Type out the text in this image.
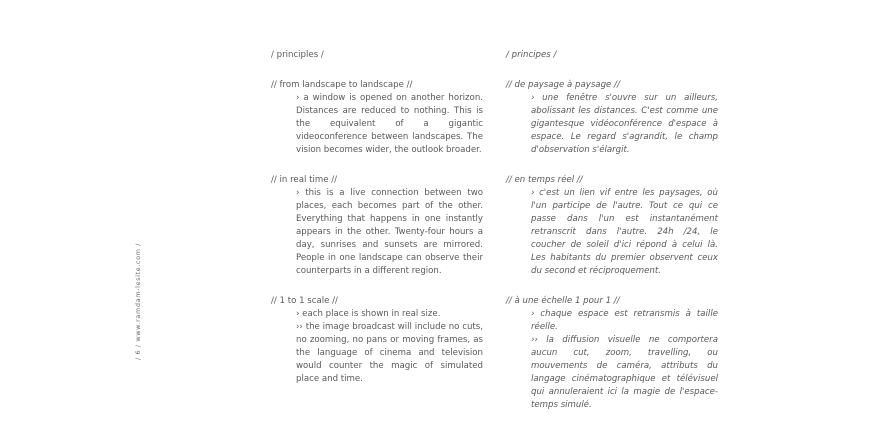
/ 6 / www.ramdam-lesite.com /
/ principles /
// from landscape to landscape //

› a window is opened on another horizon. Distances are reduced to nothing. This is the equivalent of a gigantic videoconference between landscapes. The vision becomes wider, the outlook broader.

// in real time //

› this is a live connection between two places, each becomes part of the other. Everything that happens in one instantly appears in the other. Twenty-four hours a day, sunrises and sunsets are mirrored. People in one landscape can observe their counterparts in a different region.

// 1 to 1 scale //

› each place is shown in real size.

›› the image broadcast will include no cuts, no zooming, no pans or moving frames, as the language of cinema and television would counter the magic of simulated place and time.

/ principes /
// de paysage à paysage //

› une fenêtre s'ouvre sur un ailleurs, abolissant les distances. C'est comme une gigantesque vidéoconférence d'espace à espace. Le regard s'agrandit, le champ d'observation s'élargit.

// en temps réel //

› c'est un lien vif entre les paysages, où l'un participe de l'autre. Tout ce qui ce passe dans l'un est instantanément retranscrit dans l'autre. 24h /24, le coucher de soleil d'ici répond à celui là. Les habitants du premier observent ceux du second et réciproquement.

// à une échelle 1 pour 1 //

› chaque espace est retransmis à taille réelle.

›› la diffusion visuelle ne comportera aucun cut, zoom, travelling, ou mouvements de caméra, attributs du langage cinématographique et télévisuel qui annuleraient ici la magie de l'espace-temps simulé.
